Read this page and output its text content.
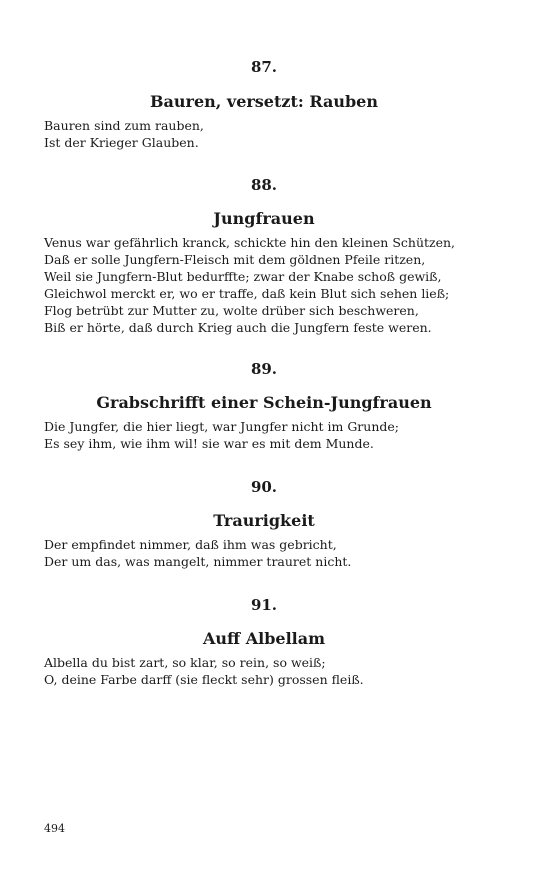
87.

Bauren, versetzt: Rauben

Bauren sind zum rauben,
Ist der Krieger Glauben.

88.

Jungfrauen

Venus war gefährlich kranck, schickte hin den kleinen Schützen,
Daß er solle Jungfern-Fleisch mit dem göldnen Pfeile ritzen,
Weil sie Jungfern-Blut bedurffte; zwar der Knabe schoß gewiß,
Gleichwol merckt er, wo er traffe, daß kein Blut sich sehen ließ;
Flog betrübt zur Mutter zu, wolte drüber sich beschweren,
Biß er hörte, daß durch Krieg auch die Jungfern feste weren.

89.

Grabschrifft einer Schein-Jungfrauen

Die Jungfer, die hier liegt, war Jungfer nicht im Grunde;
Es sey ihm, wie ihm wil! sie war es mit dem Munde.

90.

Traurigkeit

Der empfindet nimmer, daß ihm was gebricht,
Der um das, was mangelt, nimmer trauret nicht.

91.

Auff Albellam

Albella du bist zart, so klar, so rein, so weiß;
O, deine Farbe darff (sie fleckt sehr) grossen fleiß.
494
